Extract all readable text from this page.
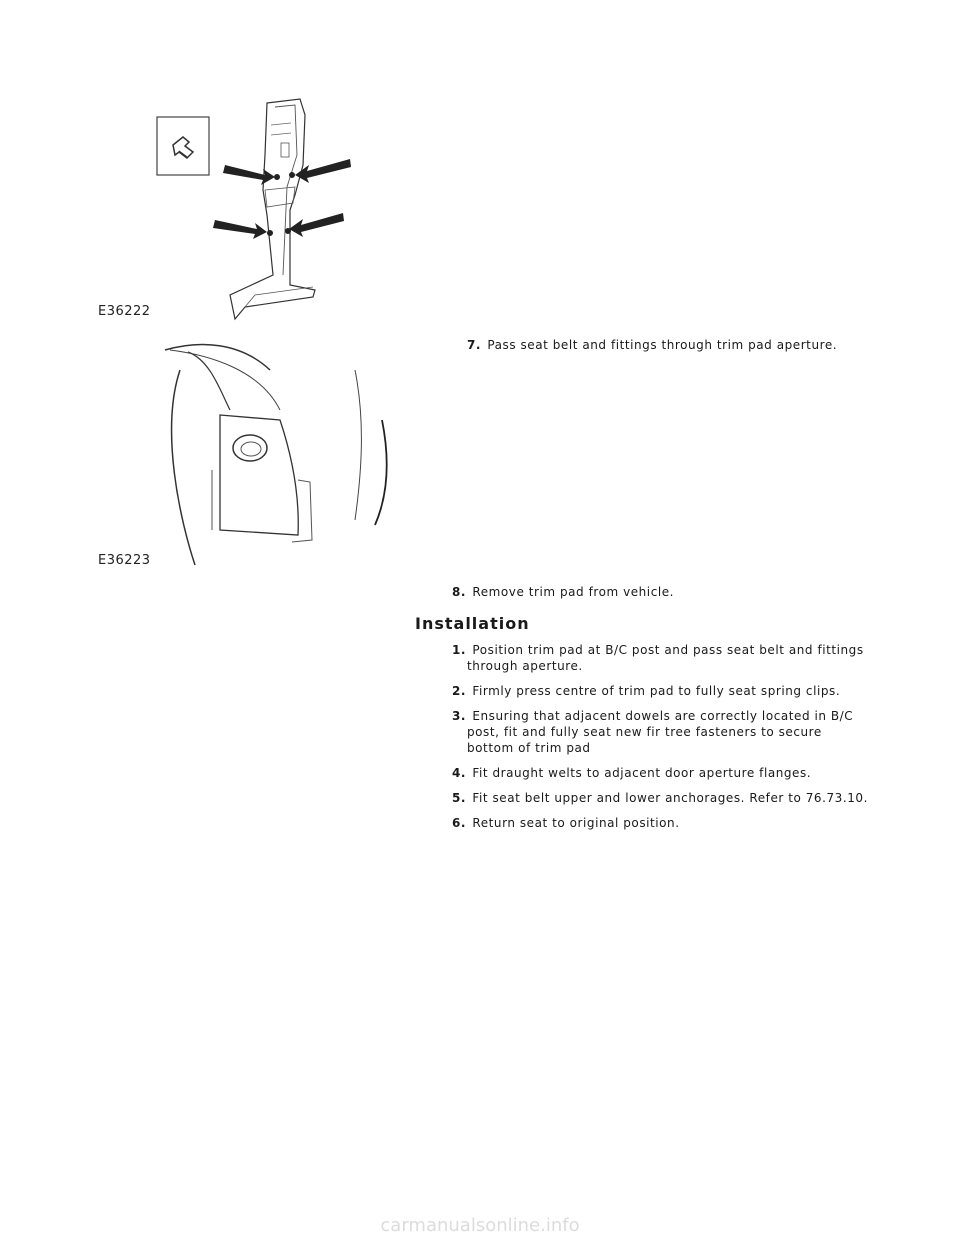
E36222
E36223
7. Pass seat belt and fittings through trim pad aperture.
8. Remove trim pad from vehicle.
Installation
1. Position trim pad at B/C post and pass seat belt and fittings through aperture.
2. Firmly press centre of trim pad to fully seat spring clips.
3. Ensuring that adjacent dowels are correctly located in B/C post, fit and fully seat new fir tree fasteners to secure bottom of trim pad
4. Fit draught welts to adjacent door aperture flanges.
5. Fit seat belt upper and lower anchorages. Refer to 76.73.10.
6. Return seat to original position.
carmanualsonline.info
